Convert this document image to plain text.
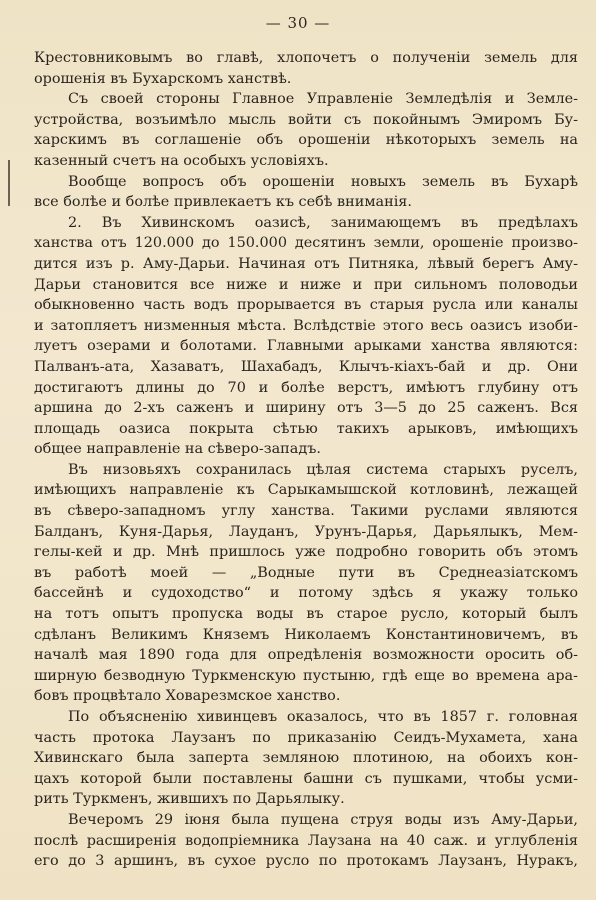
— 30 —
Крестовниковымъ во главѣ, хлопочетъ о полученіи земель для
орошенія въ Бухарскомъ ханствѣ.
Съ своей стороны Главное Управленіе Земледѣлія и Земле-
устройства, возъимѣло мысль войти съ покойнымъ Эмиромъ Бу-
харскимъ въ соглашеніе объ орошеніи нѣкоторыхъ земель на
казенный счетъ на особыхъ условіяхъ.
Вообще вопросъ объ орошеніи новыхъ земель въ Бухарѣ
все болѣе и болѣе привлекаетъ къ себѣ вниманія.
2. Въ Хивинскомъ оазисѣ, занимающемъ въ предѣлахъ
ханства отъ 120.000 до 150.000 десятинъ земли, орошеніе произво-
дится изъ р. Аму-Дарьи. Начиная отъ Питняка, лѣвый берегъ Аму-
Дарьи становится все ниже и ниже и при сильномъ половодьи
обыкновенно часть водъ прорывается въ старыя русла или каналы
и затопляетъ низменныя мѣста. Вслѣдствіе этого весь оазисъ изоби-
луетъ озерами и болотами. Главными арыками ханства являются:
Палванъ-ата, Хазаватъ, Шахабадъ, Клычъ-кіахъ-бай и др. Они
достигаютъ длины до 70 и болѣе верстъ, имѣютъ глубину отъ
аршина до 2-хъ саженъ и ширину отъ 3—5 до 25 саженъ. Вся
площадь оазиса покрыта сѣтью такихъ арыковъ, имѣющихъ
общее направленіе на сѣверо-западъ.
Въ низовьяхъ сохранилась цѣлая система старыхъ руселъ,
имѣющихъ направленіе къ Сарыкамышской котловинѣ, лежащей
въ сѣверо-западномъ углу ханства. Такими руслами являются
Балданъ, Куня-Дарья, Лауданъ, Урунъ-Дарья, Дарьялыкъ, Мем-
гелы-кей и др. Мнѣ пришлось уже подробно говорить объ этомъ
въ работѣ моей — „Водные пути въ Среднеазіатскомъ
бассейнѣ и судоходство“ и потому здѣсь я укажу только
на тотъ опытъ пропуска воды въ старое русло, который былъ
сдѣланъ Великимъ Княземъ Николаемъ Константиновичемъ, въ
началѣ мая 1890 года для опредѣленія возможности оросить об-
ширную безводную Туркменскую пустыню, гдѣ еще во времена ара-
бовъ процвѣтало Ховарезмское ханство.
По объясненію хивинцевъ оказалось, что въ 1857 г. головная
часть протока Лаузанъ по приказанію Сеидъ-Мухамета, хана
Хивинскаго была заперта земляною плотиною, на обоихъ кон-
цахъ которой были поставлены башни съ пушками, чтобы усми-
рить Туркменъ, жившихъ по Дарьялыку.
Вечеромъ 29 іюня была пущена струя воды изъ Аму-Дарьи,
послѣ расширенія водопріемника Лаузана на 40 саж. и углубленія
его до 3 аршинъ, въ сухое русло по протокамъ Лаузанъ, Нуракъ,
